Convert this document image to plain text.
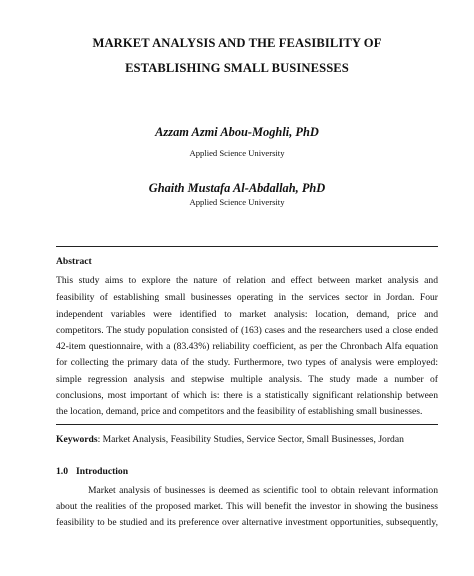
MARKET ANALYSIS AND THE FEASIBILITY OF
ESTABLISHING SMALL BUSINESSES
Azzam Azmi Abou-Moghli, PhD
Applied Science University
Ghaith Mustafa Al-Abdallah, PhD
Applied Science University
Abstract
This study aims to explore the nature of relation and effect between market analysis and
feasibility of establishing small businesses operating in the services sector in Jordan. Four
independent variables were identified to market analysis: location, demand, price and
competitors. The study population consisted of (163) cases and the researchers used a close ended
42-item questionnaire, with a (83.43%) reliability coefficient, as per the Chronbach Alfa equation
for collecting the primary data of the study. Furthermore, two types of analysis were employed:
simple regression analysis and stepwise multiple analysis. The study made a number of
conclusions, most important of which is: there is a statistically significant relationship between
the location, demand, price and competitors and the feasibility of establishing small businesses.
Keywords: Market Analysis, Feasibility Studies, Service Sector, Small Businesses, Jordan
1.0 Introduction
Market analysis of businesses is deemed as scientific tool to obtain relevant information
about the realities of the proposed market. This will benefit the investor in showing the business
feasibility to be studied and its preference over alternative investment opportunities, subsequently,
